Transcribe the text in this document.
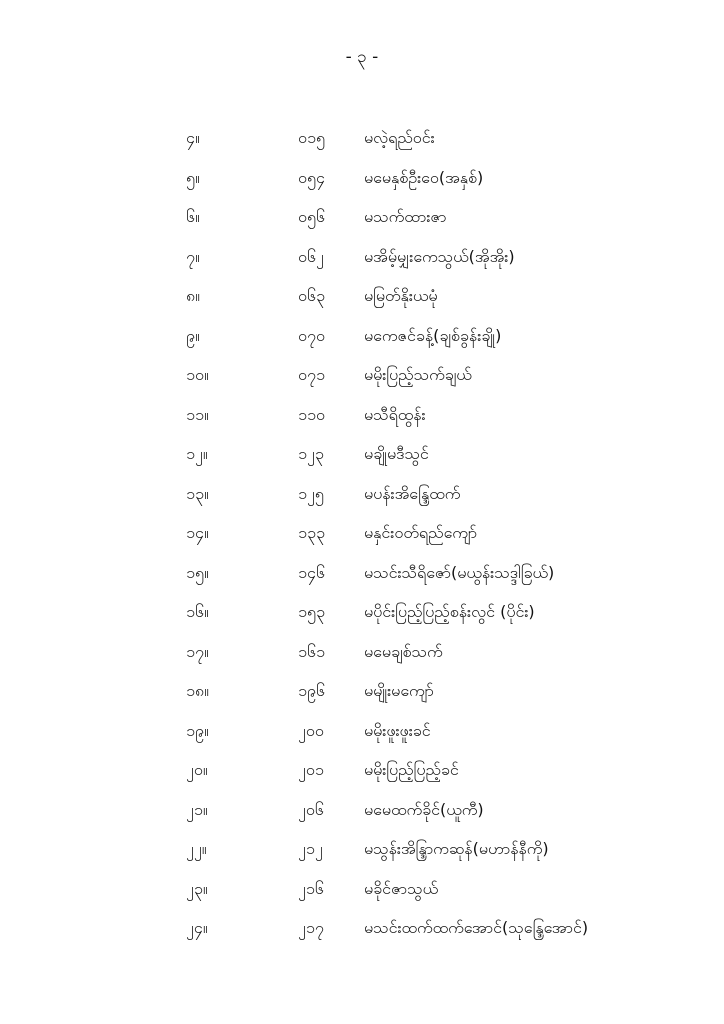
- ၃ -
၄။	၀၁၅ မလဲ့ရည်ဝင်း
၅။	၀၅၄ မမေနှစ်ဦးဝေ(အနှစ်)
၆။	၀၅၆ မသက်ထားဇာ
၇။	၀၆၂	မအိမ့်မျှးကေသွယ်(အိုအိုး)
၈။	၀၆၃ မမြတ်နိုးယမုံ
၉။	၀၇၀ မကေဇင်ခန့်(ချစ်ခွန်းချို)
၁၀။	၀၇၁ မမိုးပြည့်သက်ချယ်
၁၁။	၁၁၀ မသီရိထွန်း
၁၂။	၁၂၃	မချိုမဒီသွင်
၁၃။	၁၂၅	မပန်းအိန္ဒြေထက်
၁၄။	၁၃၃ မနှင်းဝတ်ရည်ကျော်
၁၅။	၁၄၆ မသင်းသီရိဇော်(မယွန်းသဒ္ဒါခြယ်)
၁၆။	၁၅၃ မပိုင်းပြည့်ပြည့်စန်းလွင် (ပိုင်း)
၁၇။	၁၆၁ မမေချစ်သက်
၁၈။	၁၉၆ မမျိုးမကျော်
၁၉။	၂၀၀	မမိုးဖူးဖူးခင်
၂၀။	၂၀၁	မမိုးပြည့်ပြည့်ခင်
၂၁။	၂၀၆	မမေထက်ခိုင်(ယူကီ)
၂၂။	၂၁၂	မသွန်းအိန္ဒြာကဆုန်(မဟာန်နီကို)
၂၃။	၂၁၆	မခိုင်ဇာသွယ်
၂၄။	၂၁၇	မသင်းထက်ထက်အောင်(သုန္ဒြေအောင်)
